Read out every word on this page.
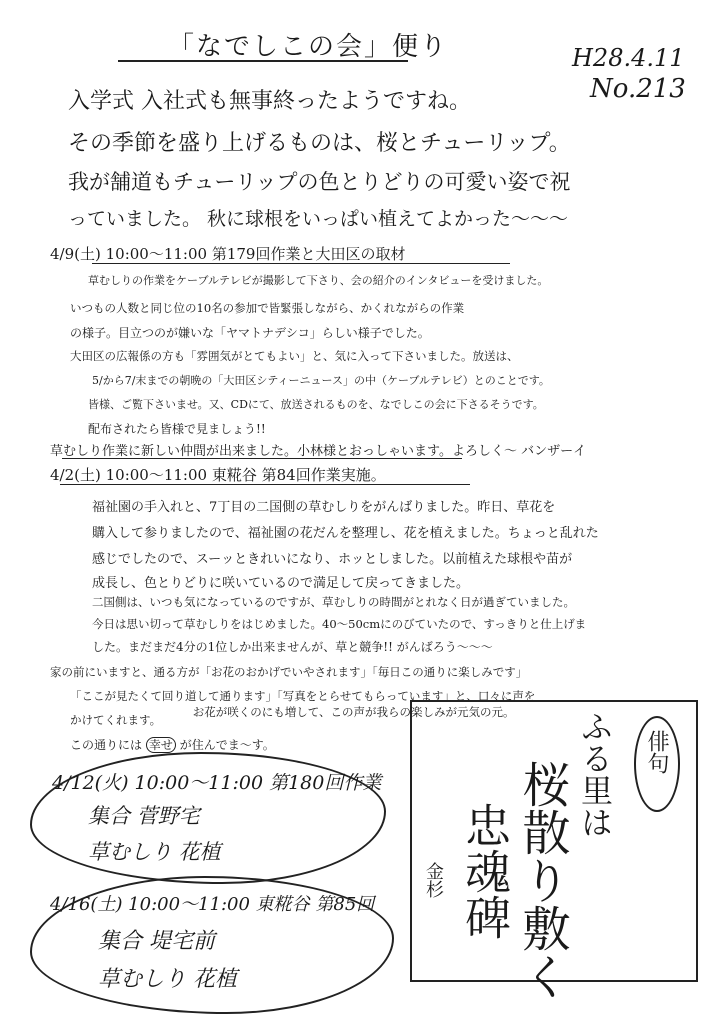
「なでしこの会」便り	H28.4.11
No.213
入学式 入社式も無事終ったようですね。
その季節を盛り上げるものは、桜とチューリップ。
我が舗道もチューリップの色とりどりの可愛い姿で祝
っていました。 秋に球根をいっぱい植えてよかった〜〜〜
4/9(土) 10:00〜11:00 第179回作業と大田区の取材
草むしりの作業をケーブルテレビが撮影して下さり、会の紹介のインタビューを受けました。
いつもの人数と同じ位の10名の参加で皆緊張しながら、かくれながらの作業
の様子。目立つのが嫌いな「ヤマトナデシコ」らしい様子でした。
大田区の広報係の方も「雰囲気がとてもよい」と、気に入って下さいました。放送は、
5/から7/末までの朝晩の「大田区シティーニュース」の中（ケーブルテレビ）とのことです。
皆様、ご覧下さいませ。又、CDにて、放送されるものを、なでしこの会に下さるそうです。
配布されたら皆様で見ましょう!!
草むしり作業に新しい仲間が出来ました。小林様とおっしゃいます。よろしく〜 バンザーイ
4/2(土) 10:00〜11:00 東糀谷 第84回作業実施。
福祉園の手入れと、7丁目の二国側の草むしりをがんばりました。昨日、草花を
購入して参りましたので、福祉園の花だんを整理し、花を植えました。ちょっと乱れた
感じでしたので、スーッときれいになり、ホッとしました。以前植えた球根や苗が
成長し、色とりどりに咲いているので満足して戻ってきました。
二国側は、いつも気になっているのですが、草むしりの時間がとれなく日が過ぎていました。
今日は思い切って草むしりをはじめました。40〜50cmにのびていたので、すっきりと仕上げま
した。まだまだ4分の1位しか出来ませんが、草と競争!! がんばろう〜〜〜
家の前にいますと、通る方が「お花のおかげでいやされます」「毎日この通りに楽しみです」
「ここが見たくて回り道して通ります」「写真をとらせてもらっています」と、口々に声を
かけてくれます。 お花が咲くのにも増して、この声が我らの楽しみが元気の元。
この通りには 幸せ が住んでま〜す。
4/12(火) 10:00〜11:00 第180回作業
集合 菅野宅
草むしり 花植
4/16(土) 10:00〜11:00 東糀谷 第85回
集合 堤宅前
草むしり 花植
俳句
ふる里は
桜散り敷く
忠魂碑
金杉
